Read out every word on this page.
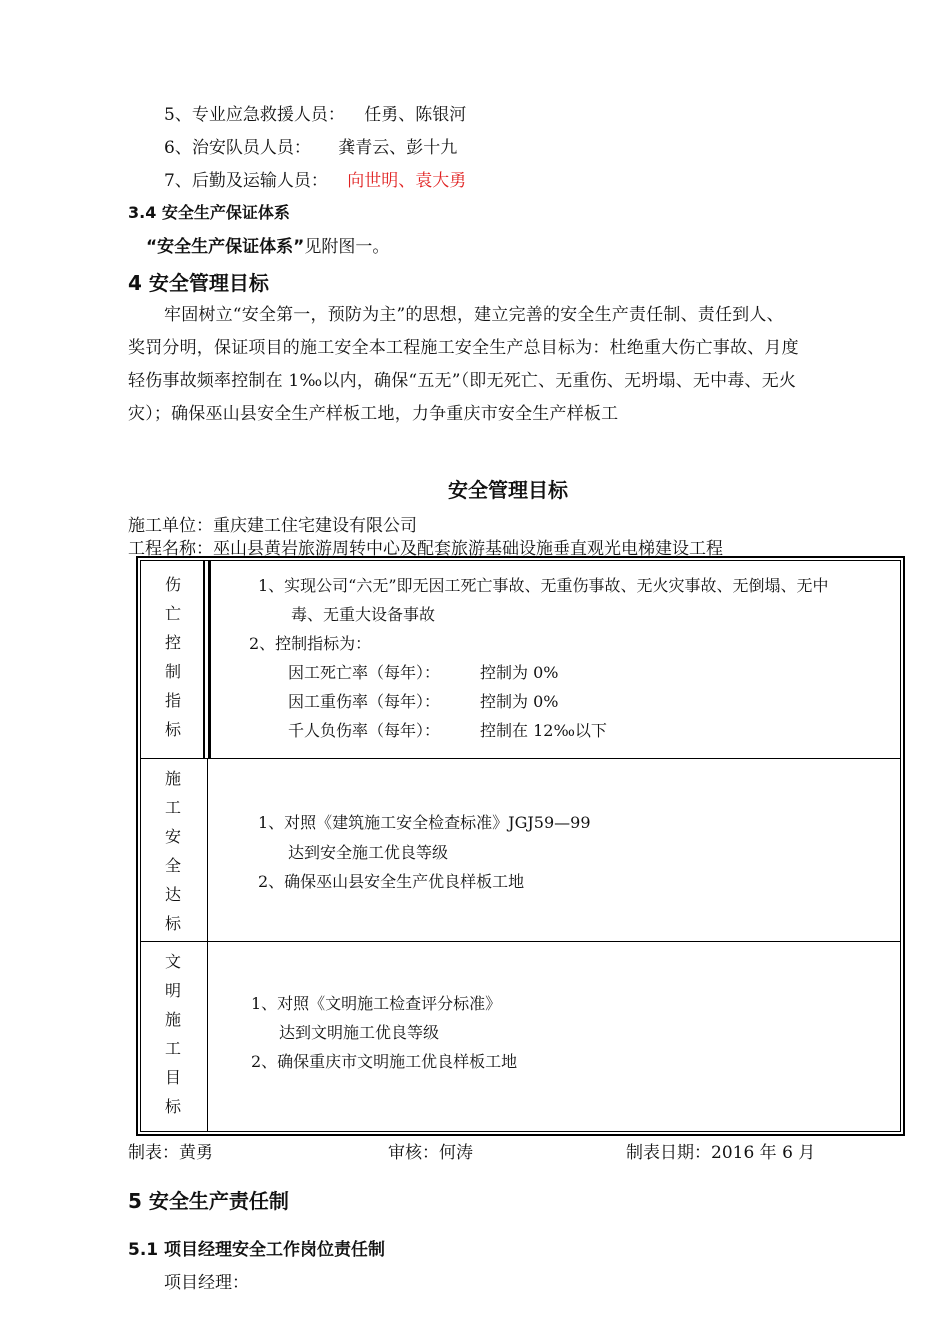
5、专业应急救援人员： 任勇、陈银河
6、治安队员人员： 龚青云、彭十九
7、后勤及运输人员： 向世明、袁大勇
3.4 安全生产保证体系
“安全生产保证体系”见附图一。
4 安全管理目标
牢固树立“安全第一，预防为主”的思想，建立完善的安全生产责任制、责任到人、
奖罚分明，保证项目的施工安全本工程施工安全生产总目标为：杜绝重大伤亡事故、月度
轻伤事故频率控制在 1‰以内，确保“五无”（即无死亡、无重伤、无坍塌、无中毒、无火
灾）；确保巫山县安全生产样板工地，力争重庆市安全生产样板工
安全管理目标
施工单位：重庆建工住宅建设有限公司
工程名称：巫山县黄岩旅游周转中心及配套旅游基础设施垂直观光电梯建设工程
伤
亡
控
制
指
标
1、实现公司“六无”即无因工死亡事故、无重伤事故、无火灾事故、无倒塌、无中
毒、无重大设备事故
2、控制指标为：
因工死亡率（每年）： 控制为 0%
因工重伤率（每年）： 控制为 0%
千人负伤率（每年）： 控制在 12‰以下
施
工
安
全
达
标
1、对照《建筑施工安全检查标准》JGJ59—99
达到安全施工优良等级
2、确保巫山县安全生产优良样板工地
文
明
施
工
目
标
1、对照《文明施工检查评分标准》
达到文明施工优良等级
2、确保重庆市文明施工优良样板工地
制表：黄勇	审核：何涛	制表日期：2016 年 6 月
5 安全生产责任制
5.1 项目经理安全工作岗位责任制
项目经理：
